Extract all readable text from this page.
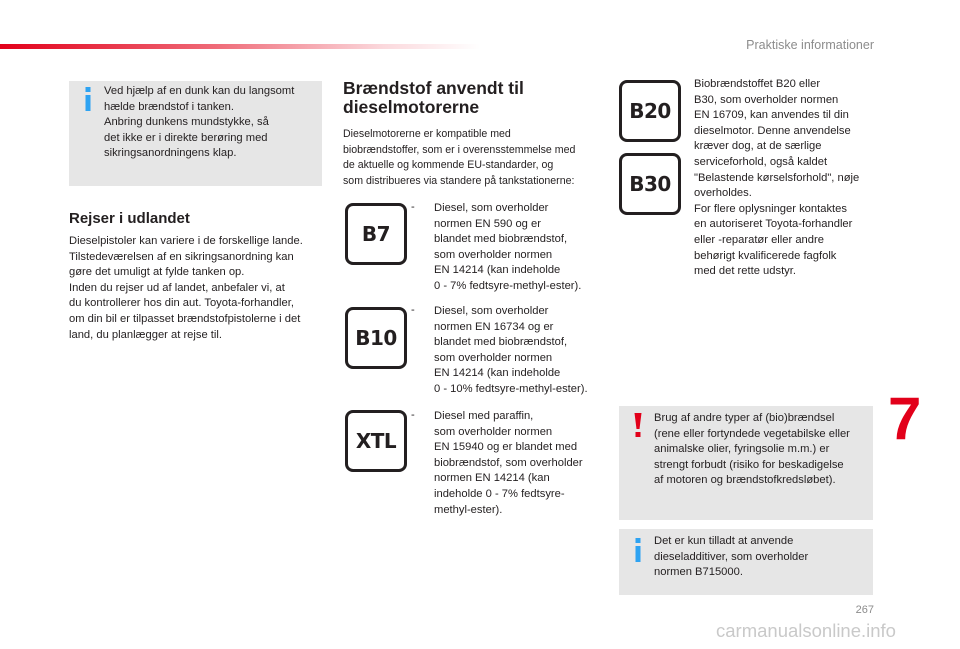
Praktiske informationer
Ved hjælp af en dunk kan du langsomt
hælde brændstof i tanken.
Anbring dunkens mundstykke, så
det ikke er i direkte berøring med
sikringsanordningens klap.
Rejser i udlandet
Dieselpistoler kan variere i de forskellige lande.
Tilstedeværelsen af en sikringsanordning kan
gøre det umuligt at fylde tanken op.
Inden du rejser ud af landet, anbefaler vi, at
du kontrollerer hos din aut. Toyota-forhandler,
om din bil er tilpasset brændstofpistolerne i det
land, du planlægger at rejse til.
Brændstof anvendt til
dieselmotorerne
Dieselmotorerne er kompatible med
biobrændstoffer, som er i overensstemmelse med
de aktuelle og kommende EU-standarder, og
som distribueres via standere på tankstationerne:
B7
- Diesel, som overholder
normen EN 590 og er
blandet med biobrændstof,
som overholder normen
EN 14214 (kan indeholde
0 - 7% fedtsyre-methyl-ester).
B10
- Diesel, som overholder
normen EN 16734 og er
blandet med biobrændstof,
som overholder normen
EN 14214 (kan indeholde
0 - 10% fedtsyre-methyl-ester).
XTL
- Diesel med paraffin,
som overholder normen
EN 15940 og er blandet med
biobrændstof, som overholder
normen EN 14214 (kan
indeholde 0 - 7% fedtsyre-
methyl-ester).
B20
B30
Biobrændstoffet B20 eller
B30, som overholder normen
EN 16709, kan anvendes til din
dieselmotor. Denne anvendelse
kræver dog, at de særlige
serviceforhold, også kaldet
"Belastende kørselsforhold", nøje
overholdes.
For flere oplysninger kontaktes
en autoriseret Toyota-forhandler
eller -reparatør eller andre
behørigt kvalificerede fagfolk
med det rette udstyr.
Brug af andre typer af (bio)brændsel
(rene eller fortyndede vegetabilske eller
animalske olier, fyringsolie m.m.) er
strengt forbudt (risiko for beskadigelse
af motoren og brændstofkredsløbet).
Det er kun tilladt at anvende
dieseladditiver, som overholder
normen B715000.
7
267
carmanualsonline.info
